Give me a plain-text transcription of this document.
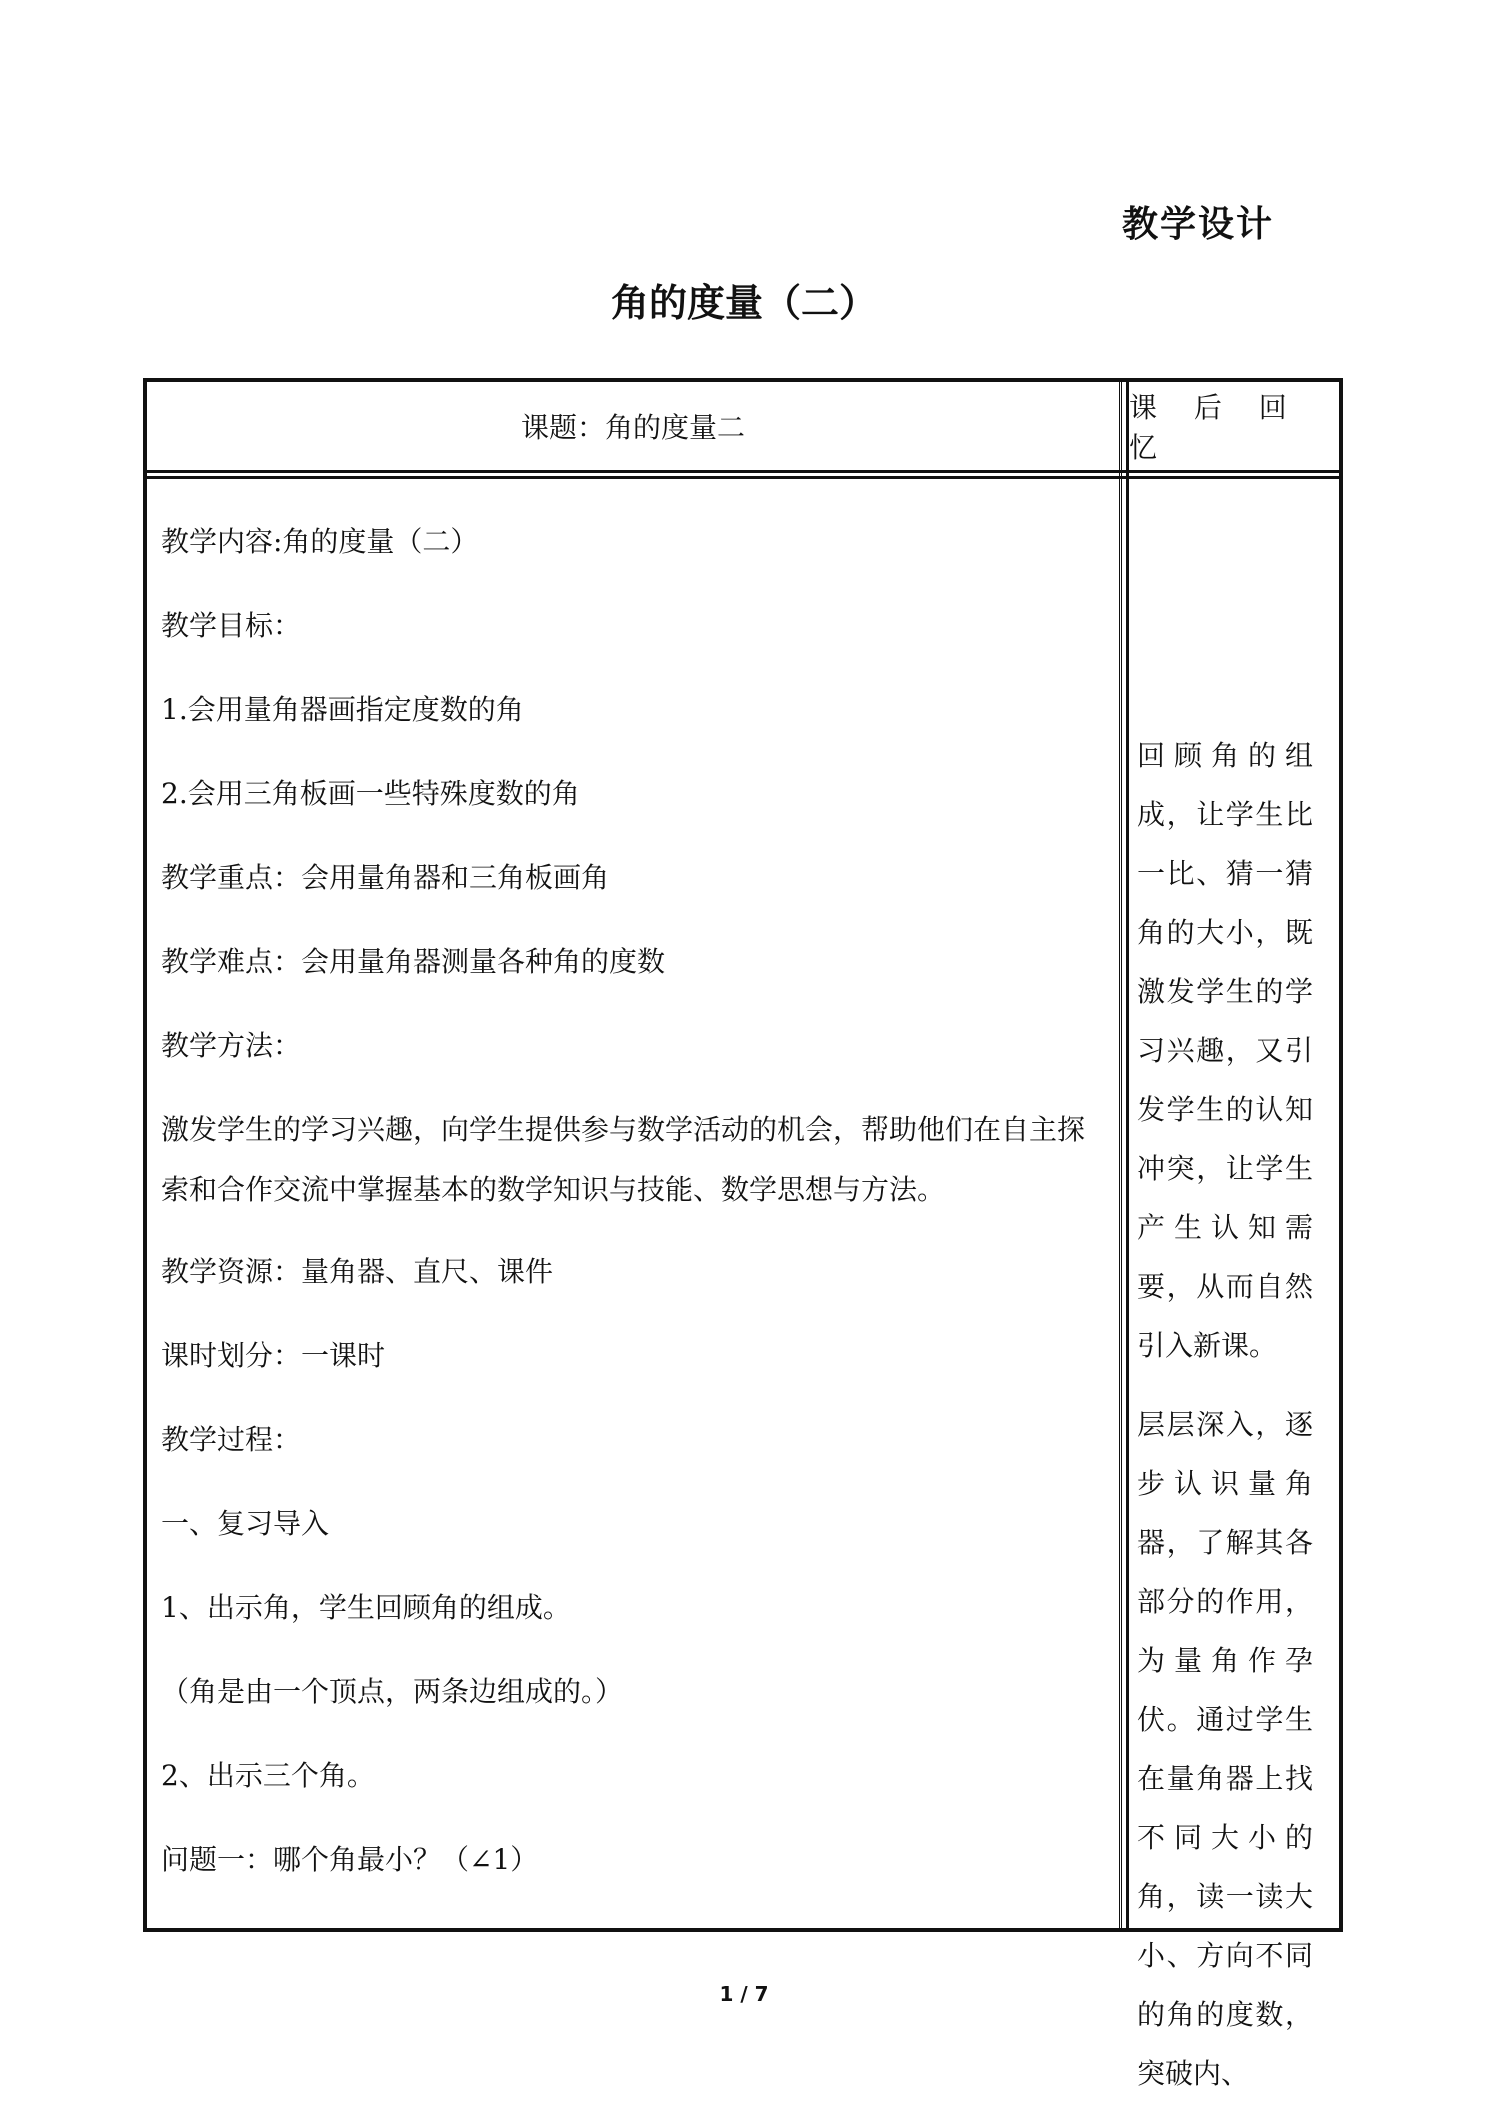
教学设计
角的度量（二）
课题：角的度量二
课 后 回 忆

教学内容:角的度量（二）

教学目标：

1.会用量角器画指定度数的角

2.会用三角板画一些特殊度数的角

教学重点：会用量角器和三角板画角

教学难点：会用量角器测量各种角的度数

教学方法：

激发学生的学习兴趣，向学生提供参与数学活动的机会，帮助他们在自主探索和合作交流中掌握基本的数学知识与技能、数学思想与方法。

教学资源：量角器、直尺、课件

课时划分：一课时

教学过程：

一、复习导入

1、出示角，学生回顾角的组成。

（角是由一个顶点，两条边组成的。）

2、出示三个角。

问题一：哪个角最小？（∠1）

回顾角的组成，让学生比一比、猜一猜角的大小，既激发学生的学习兴趣，又引发学生的认知冲突，让学生产生认知需要，从而自然引入新课。

层层深入，逐步认识量角器，了解其各部分的作用，为量角作孕伏。通过学生在量角器上找不同大小的角，读一读大小、方向不同的角的度数，突破内、

1 / 7
